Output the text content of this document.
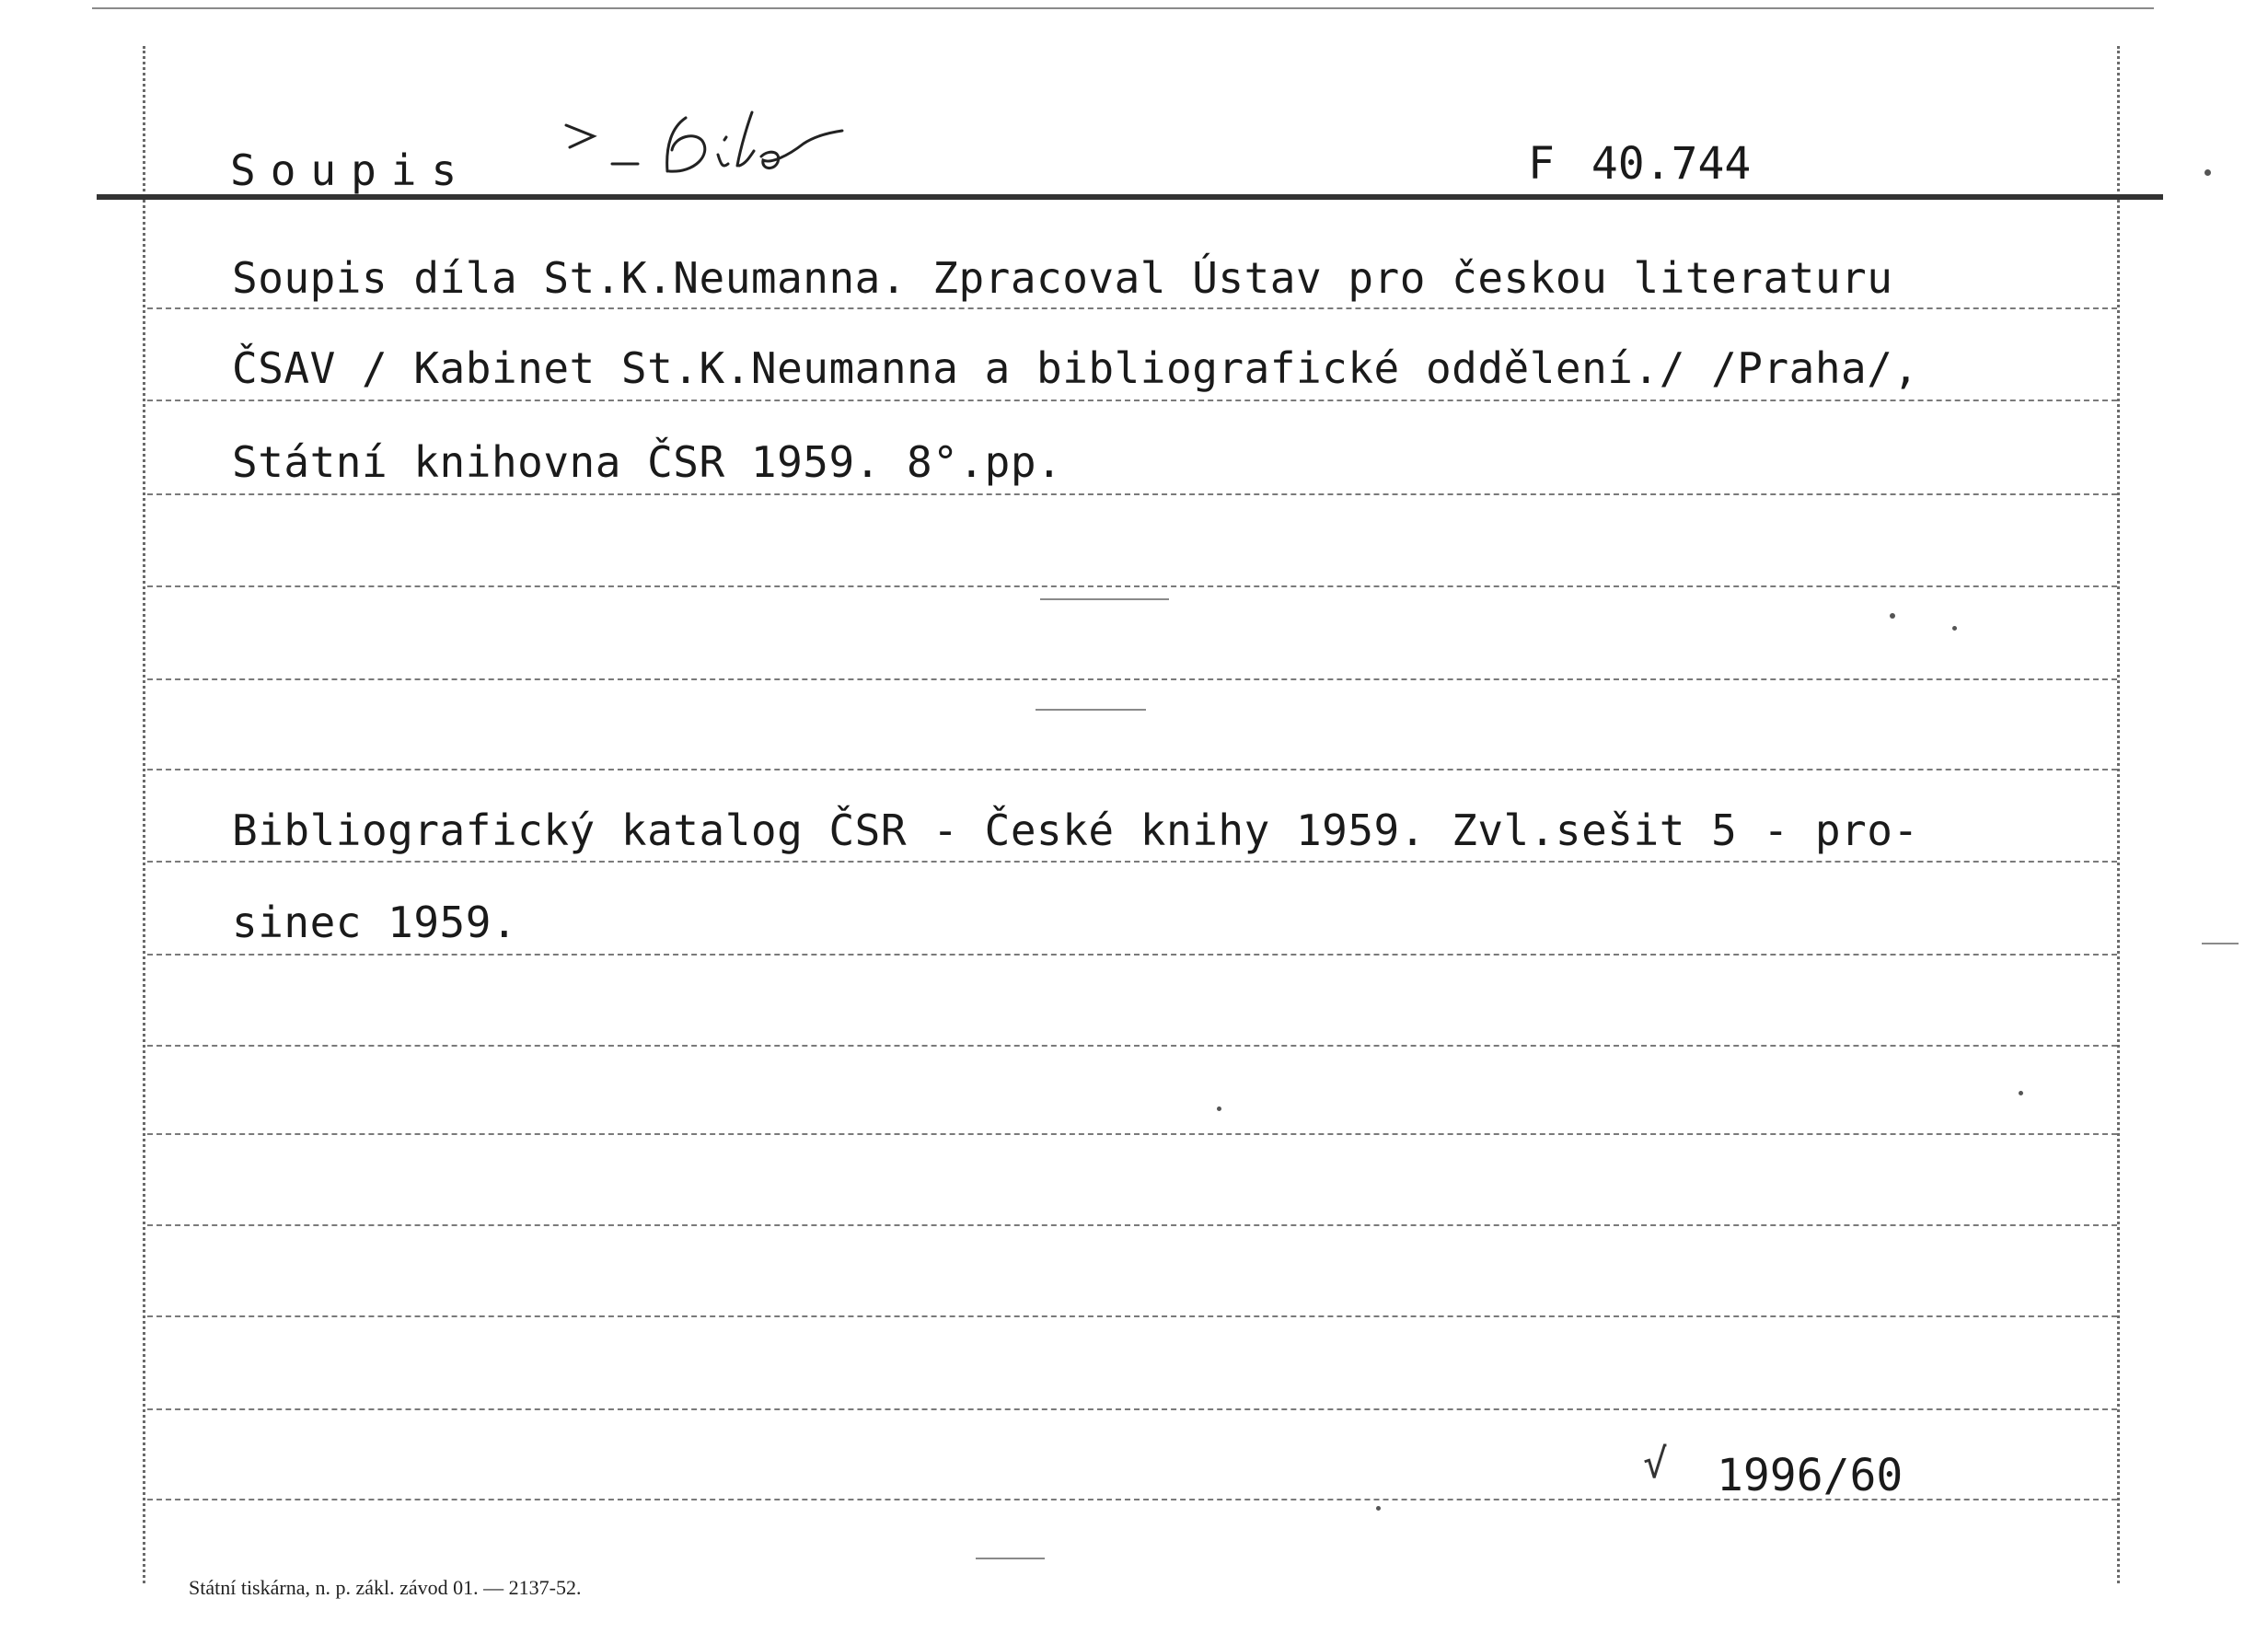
Soupis	F 40.744
Soupis díla St.K.Neumanna. Zpracoval Ústav pro českou literaturu
ČSAV / Kabinet St.K.Neumanna a bibliografické oddělení./ /Praha/,
Státní knihovna ČSR 1959. 8°.pp.
Bibliografický katalog ČSR - České knihy 1959. Zvl.sešit 5 - pro-
sinec 1959.
√ 1996/60
Státní tiskárna, n. p. zákl. závod 01. — 2137-52.
